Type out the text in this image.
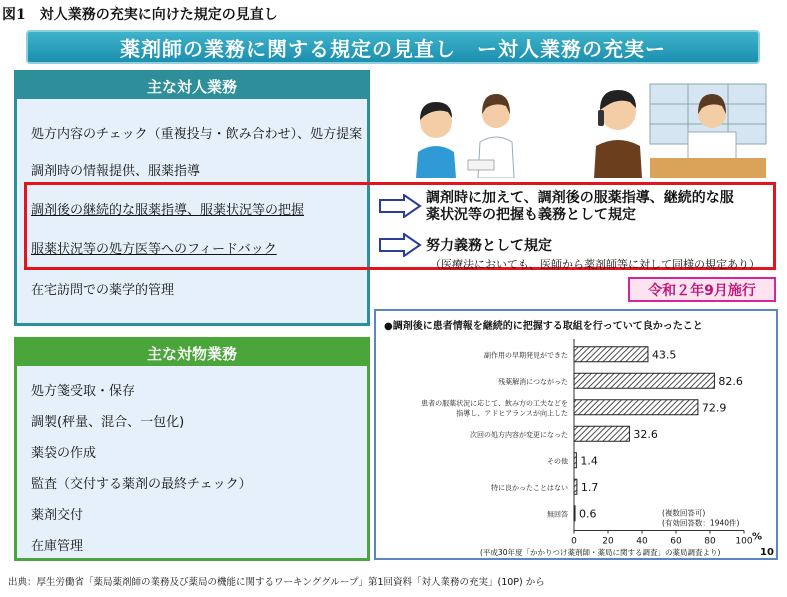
図1　対人業務の充実に向けた規定の見直し
薬剤師の業務に関する規定の見直し　ー対人業務の充実ー
主な対人業務
処方内容のチェック（重複投与・飲み合わせ）、処方提案
調剤時の情報提供、服薬指導
調剤後の継続的な服薬指導、服薬状況等の把握
服薬状況等の処方医等へのフィードバック
在宅訪問での薬学的管理
主な対物業務
処方箋受取・保存
調製(秤量、混合、一包化)
薬袋の作成
監査（交付する薬剤の最終チェック）
薬剤交付
在庫管理
調剤時に加えて、調剤後の服薬指導、継続的な服
薬状況等の把握も義務として規定
努力義務として規定
（医療法においても、医師から薬剤師等に対して同様の規定あり）
令和２年9月施行
●調剤後に患者情報を継続的に把握する取組を行っていて良かったこと
43.5
副作用の早期発見ができた
82.6
残薬解消につながった
72.9
患者の服薬状況に応じて、飲み方の工夫などを
指導し、アドヒアランスが向上した
32.6
次回の処方内容が変更になった
1.4
その他
1.7
特に良かったことはない
0.6
無回答
0	20	40	60	80 100 %
(複数回答可)
(有効回答数：1940件)
(平成30年度「かかりつけ薬剤師・薬局に関する調査」の薬局調査より)	10
出典：厚生労働省「薬局薬剤師の業務及び薬局の機能に関するワーキンググループ」第1回資料「対人業務の充実」(10P) から
